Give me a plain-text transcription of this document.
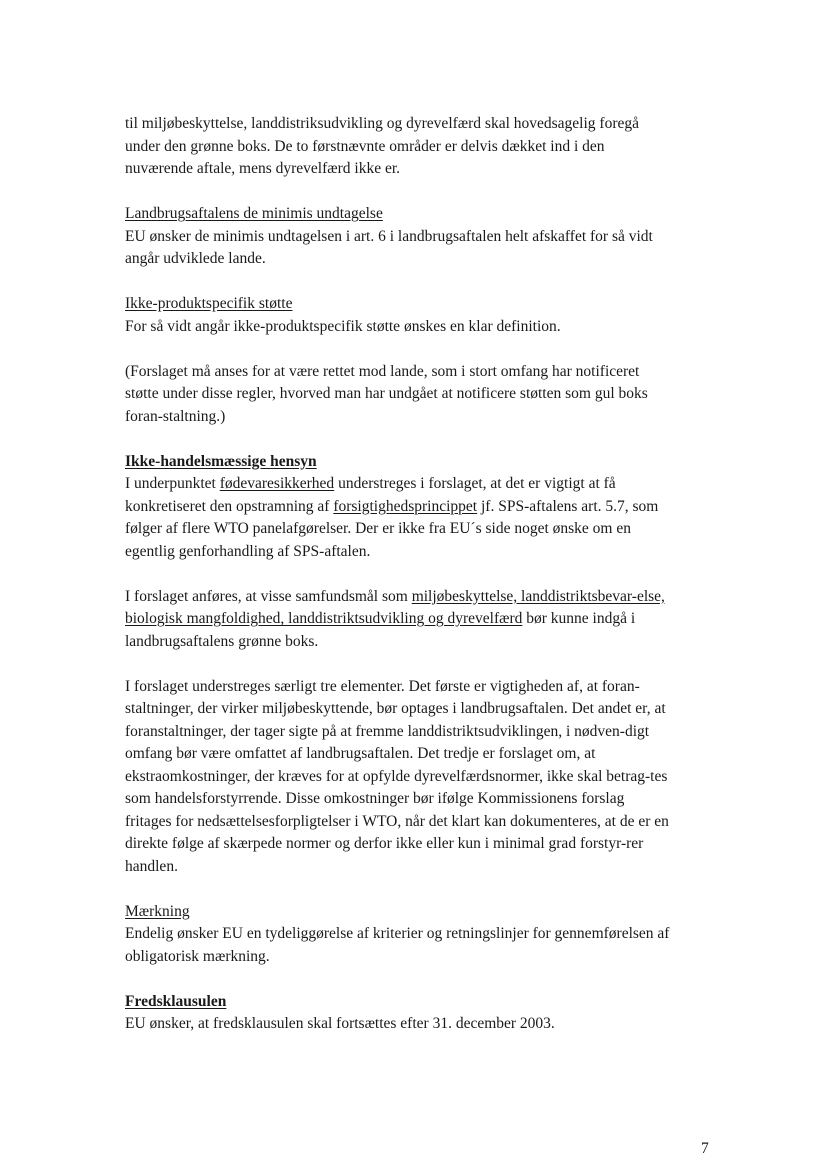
til miljøbeskyttelse, landdistriksudvikling og dyrevelfærd skal hovedsagelig foregå

under den grønne boks. De to førstnævnte områder er delvis dækket ind i den

nuværende aftale, mens dyrevelfærd ikke er.

Landbrugsaftalens de minimis undtagelse

EU ønsker de minimis undtagelsen i art. 6 i landbrugsaftalen helt afskaffet for så vidt

angår udviklede lande.

Ikke-produktspecifik støtte

For så vidt angår ikke-produktspecifik støtte ønskes en klar definition.

(Forslaget må anses for at være rettet mod lande, som i stort omfang har notificeret

støtte under disse regler, hvorved man har undgået at notificere støtten som gul boks

foran-staltning.)

Ikke-handelsmæssige hensyn

I underpunktet fødevaresikkerhed understreges i forslaget, at det er vigtigt at få

konkretiseret den opstramning af forsigtighedsprincippet jf. SPS-aftalens art. 5.7, som

følger af flere WTO panelafgørelser. Der er ikke fra EU´s side noget ønske om en

egentlig genforhandling af SPS-aftalen.

I forslaget anføres, at visse samfundsmål som miljøbeskyttelse, landdistriktsbevar-else,

biologisk mangfoldighed, landdistriktsudvikling og dyrevelfærd bør kunne indgå i

landbrugsaftalens grønne boks.

I forslaget understreges særligt tre elementer. Det første er vigtigheden af, at foran-

staltninger, der virker miljøbeskyttende, bør optages i landbrugsaftalen. Det andet er, at

foranstaltninger, der tager sigte på at fremme landdistriktsudviklingen, i nødven-digt

omfang bør være omfattet af landbrugsaftalen. Det tredje er forslaget om, at

ekstraomkostninger, der kræves for at opfylde dyrevelfærdsnormer, ikke skal betrag-tes

som handelsforstyrrende. Disse omkostninger bør ifølge Kommissionens forslag

fritages for nedsættelsesforpligtelser i WTO, når det klart kan dokumenteres, at de er en

direkte følge af skærpede normer og derfor ikke eller kun i minimal grad forstyr-rer

handlen.

Mærkning

Endelig ønsker EU en tydeliggørelse af kriterier og retningslinjer for gennemførelsen af

obligatorisk mærkning.

Fredsklausulen

EU ønsker, at fredsklausulen skal fortsættes efter 31. december 2003.

7
